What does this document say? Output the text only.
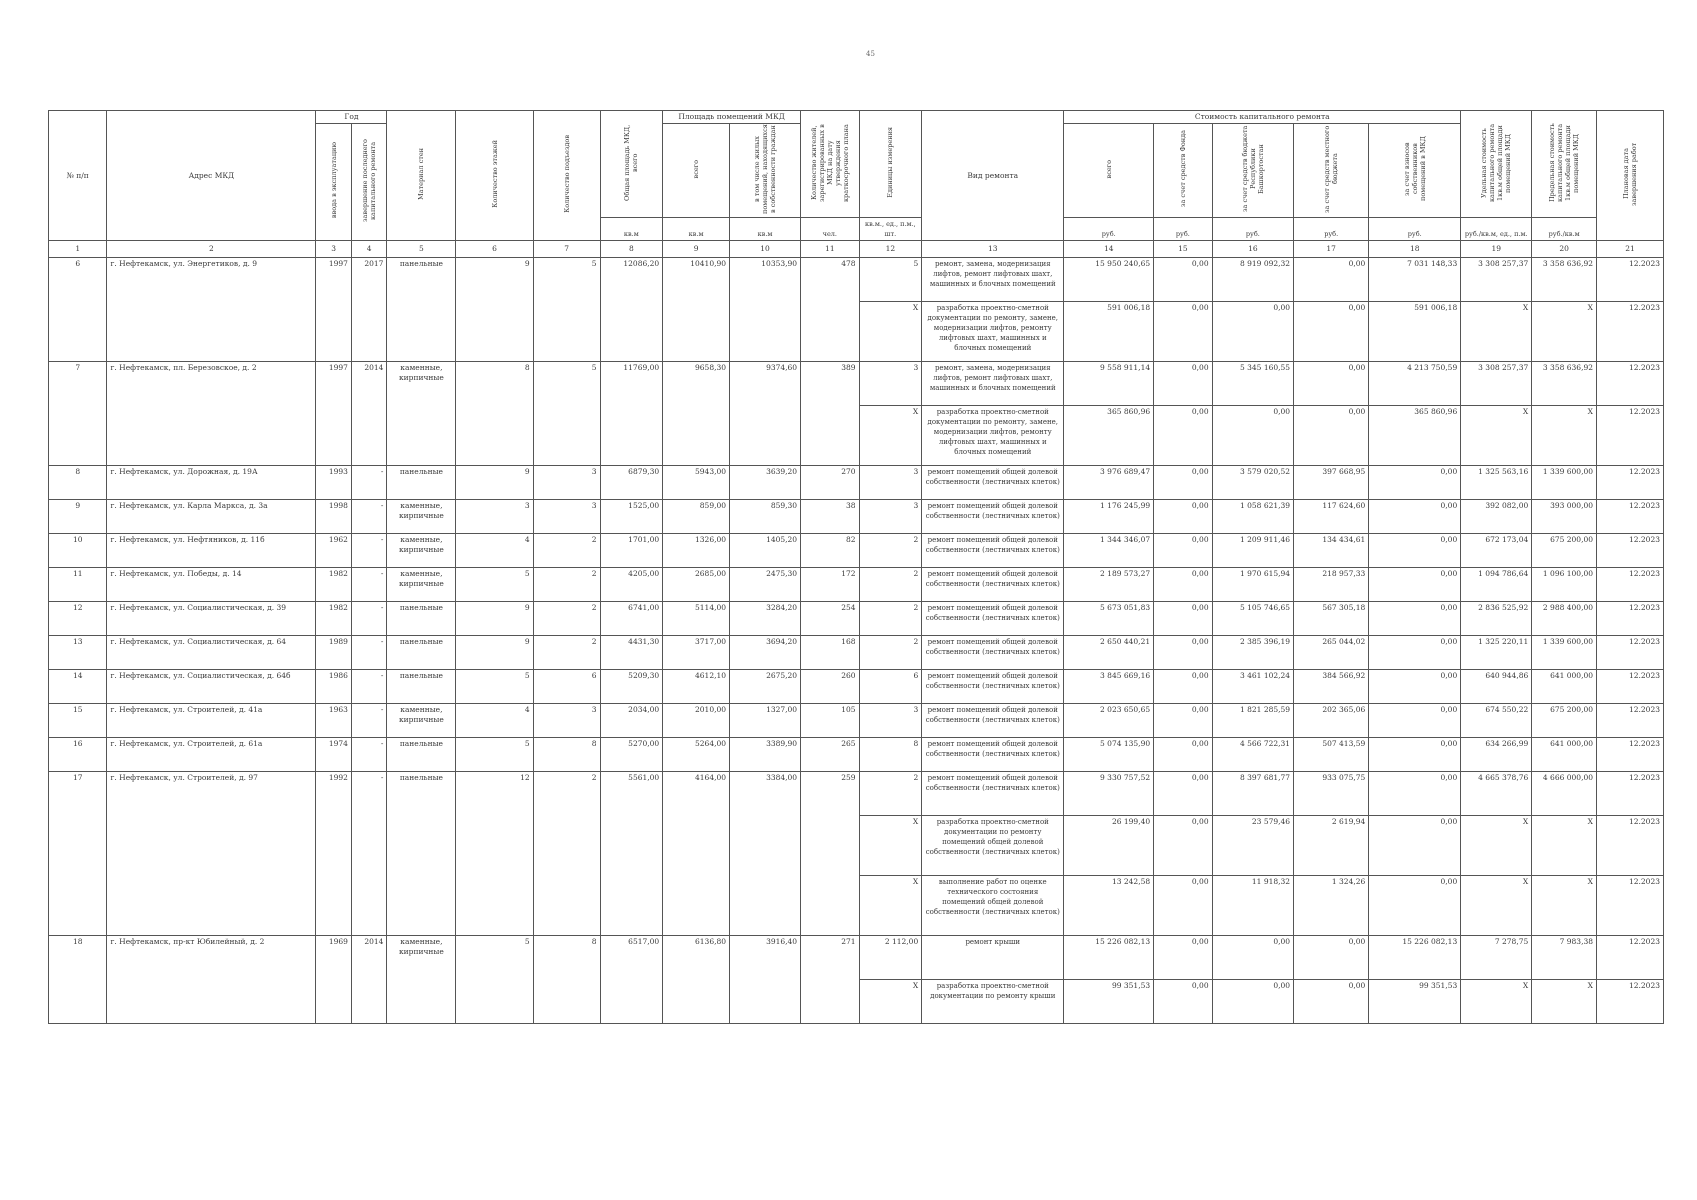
45
№ п/п	Адрес МКД	Год		Материал стен	Количество этажей	Количество подъездов	Общая площадь МКД, всего	Площадь помещений МКД		Количество жителей, зарегистрированных в МКД на дату утверждения краткосрочного плана	Единицы измерения	Вид ремонта	Стоимость капитального ремонта					Удельная стоимость капитального ремонта 1кв.м общей площади помещений МКД	Предельная стоимость капитального ремонта 1кв.м общей площади помещений МКД	Плановая дата завершения работ
		ввода в эксплуатацию	завершение последнего капитального ремонта					всего	в том числе жилых помещений, находящихся в собственности граждан				всего	за счет средств Фонда	за счет средств бюджета Республики Башкортостан	за счет средств местного бюджета	за счет взносов собственников помещений в МКД			
							кв.м	кв.м	кв.м	чел.	кв.м., ед., п.м., шт.		руб.	руб.	руб.	руб.	руб.	руб./кв.м, ед., п.м.	руб./кв.м	
1	2	3	4	5	6	7	8	9	10	11	12	13	14	15	16	17	18	19	20	21
6	г. Нефтекамск, ул. Энергетиков, д. 9	1997	2017	панельные	9	5	12086,20	10410,90	10353,90	478	5	ремонт, замена, модернизация лифтов, ремонт лифтовых шахт, машинных и блочных помещений	15 950 240,65	0,00	8 919 092,32	0,00	7 031 148,33	3 308 257,37	3 358 636,92	12.2023
											Х	разработка проектно-сметной документации по ремонту, замене, модернизации лифтов, ремонту лифтовых шахт, машинных и блочных помещений	591 006,18	0,00	0,00	0,00	591 006,18	Х	Х	12.2023
7	г. Нефтекамск, пл. Березовское, д. 2	1997	2014	каменные, кирпичные	8	5	11769,00	9658,30	9374,60	389	3	ремонт, замена, модернизация лифтов, ремонт лифтовых шахт, машинных и блочных помещений	9 558 911,14	0,00	5 345 160,55	0,00	4 213 750,59	3 308 257,37	3 358 636,92	12.2023
											Х	разработка проектно-сметной документации по ремонту, замене, модернизации лифтов, ремонту лифтовых шахт, машинных и блочных помещений	365 860,96	0,00	0,00	0,00	365 860,96	Х	Х	12.2023
8	г. Нефтекамск, ул. Дорожная, д. 19А	1993	-	панельные	9	3	6879,30	5943,00	3639,20	270	3	ремонт помещений общей долевой собственности (лестничных клеток)	3 976 689,47	0,00	3 579 020,52	397 668,95	0,00	1 325 563,16	1 339 600,00	12.2023
9	г. Нефтекамск, ул. Карла Маркса, д. 3а	1998	-	каменные, кирпичные	3	3	1525,00	859,00	859,30	38	3	ремонт помещений общей долевой собственности (лестничных клеток)	1 176 245,99	0,00	1 058 621,39	117 624,60	0,00	392 082,00	393 000,00	12.2023
10	г. Нефтекамск, ул. Нефтяников, д. 11б	1962	-	каменные, кирпичные	4	2	1701,00	1326,00	1405,20	82	2	ремонт помещений общей долевой собственности (лестничных клеток)	1 344 346,07	0,00	1 209 911,46	134 434,61	0,00	672 173,04	675 200,00	12.2023
11	г. Нефтекамск, ул. Победы, д. 14	1982	-	каменные, кирпичные	5	2	4205,00	2685,00	2475,30	172	2	ремонт помещений общей долевой собственности (лестничных клеток)	2 189 573,27	0,00	1 970 615,94	218 957,33	0,00	1 094 786,64	1 096 100,00	12.2023
12	г. Нефтекамск, ул. Социалистическая, д. 39	1982	-	панельные	9	2	6741,00	5114,00	3284,20	254	2	ремонт помещений общей долевой собственности (лестничных клеток)	5 673 051,83	0,00	5 105 746,65	567 305,18	0,00	2 836 525,92	2 988 400,00	12.2023
13	г. Нефтекамск, ул. Социалистическая, д. 64	1989	-	панельные	9	2	4431,30	3717,00	3694,20	168	2	ремонт помещений общей долевой собственности (лестничных клеток)	2 650 440,21	0,00	2 385 396,19	265 044,02	0,00	1 325 220,11	1 339 600,00	12.2023
14	г. Нефтекамск, ул. Социалистическая, д. 64б	1986	-	панельные	5	6	5209,30	4612,10	2675,20	260	6	ремонт помещений общей долевой собственности (лестничных клеток)	3 845 669,16	0,00	3 461 102,24	384 566,92	0,00	640 944,86	641 000,00	12.2023
15	г. Нефтекамск, ул. Строителей, д. 41а	1963	-	каменные, кирпичные	4	3	2034,00	2010,00	1327,00	105	3	ремонт помещений общей долевой собственности (лестничных клеток)	2 023 650,65	0,00	1 821 285,59	202 365,06	0,00	674 550,22	675 200,00	12.2023
16	г. Нефтекамск, ул. Строителей, д. 61а	1974	-	панельные	5	8	5270,00	5264,00	3389,90	265	8	ремонт помещений общей долевой собственности (лестничных клеток)	5 074 135,90	0,00	4 566 722,31	507 413,59	0,00	634 266,99	641 000,00	12.2023
17	г. Нефтекамск, ул. Строителей, д. 97	1992	-	панельные	12	2	5561,00	4164,00	3384,00	259	2	ремонт помещений общей долевой собственности (лестничных клеток)	9 330 757,52	0,00	8 397 681,77	933 075,75	0,00	4 665 378,76	4 666 000,00	12.2023
											Х	разработка проектно-сметной документации по ремонту помещений общей долевой собственности (лестничных клеток)	26 199,40	0,00	23 579,46	2 619,94	0,00	Х	Х	12.2023
											Х	выполнение работ по оценке технического состояния помещений общей долевой собственности (лестничных клеток)	13 242,58	0,00	11 918,32	1 324,26	0,00	Х	Х	12.2023
18	г. Нефтекамск, пр-кт Юбилейный, д. 2	1969	2014	каменные, кирпичные	5	8	6517,00	6136,80	3916,40	271	2 112,00	ремонт крыши	15 226 082,13	0,00	0,00	0,00	15 226 082,13	7 278,75	7 983,38	12.2023
											Х	разработка проектно-сметной документации по ремонту крыши	99 351,53	0,00	0,00	0,00	99 351,53	Х	Х	12.2023
